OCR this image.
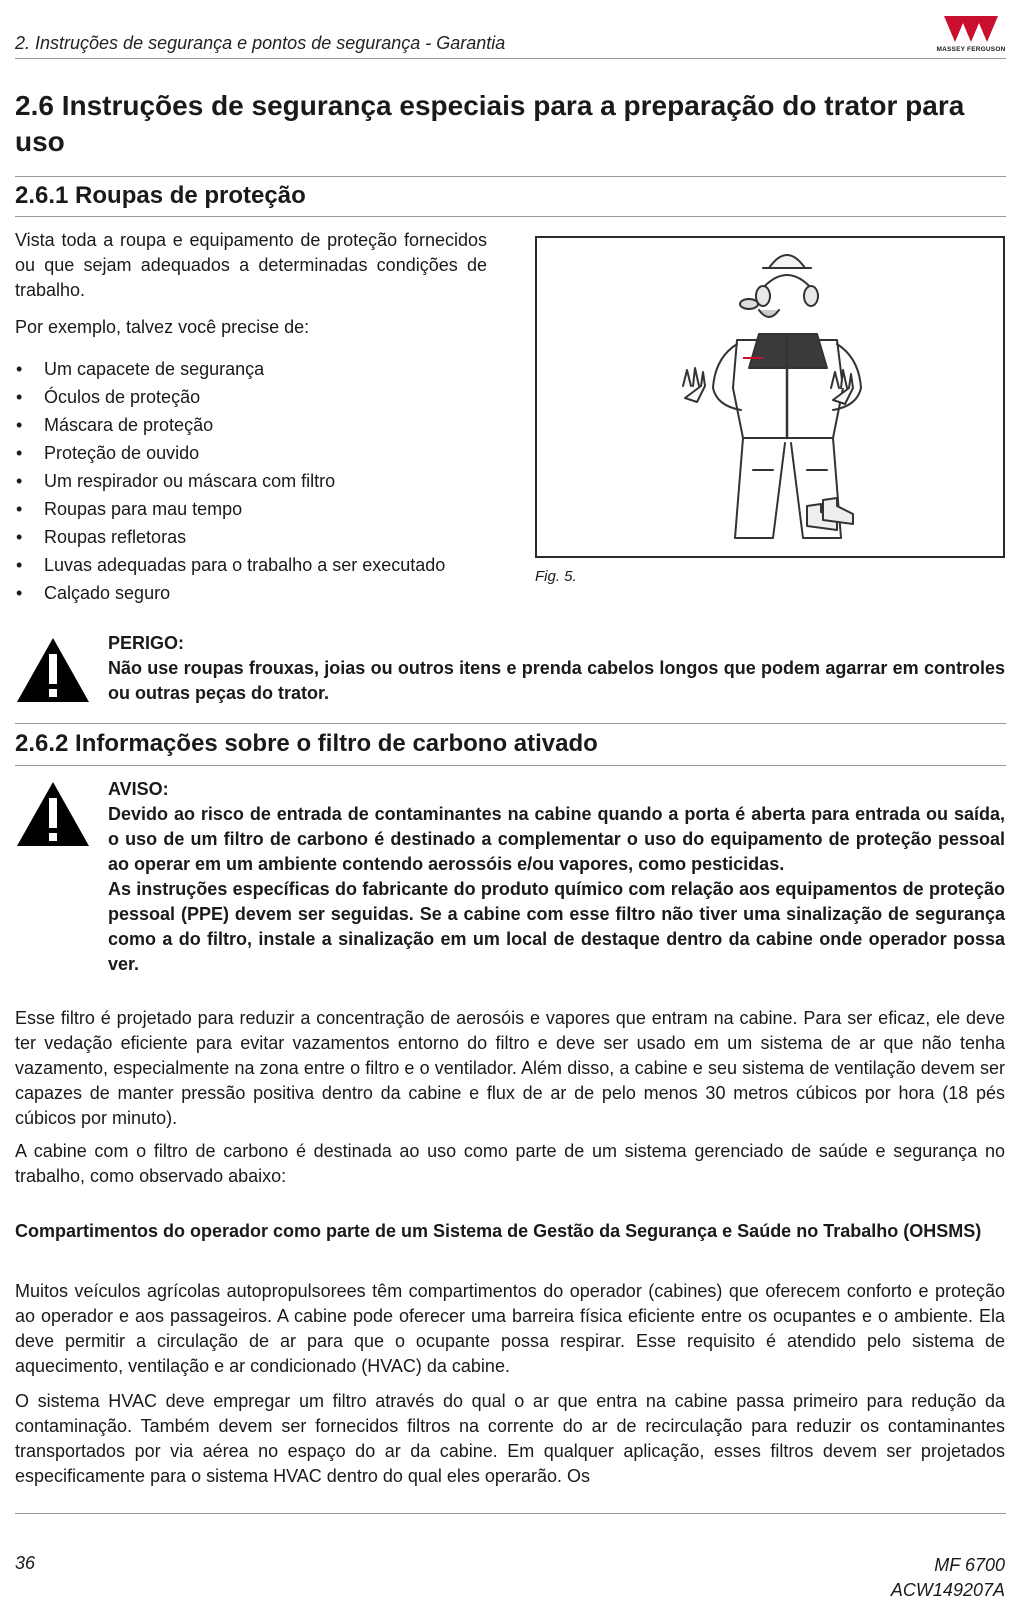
2. Instruções de segurança e pontos de segurança - Garantia	MASSEY FERGUSON
2.6 Instruções de segurança especiais para a preparação do trator para uso
2.6.1 Roupas de proteção

Vista toda a roupa e equipamento de proteção fornecidos ou que sejam adequados a determinadas condições de trabalho.

Por exemplo, talvez você precise de:

• Um capacete de segurança
• Óculos de proteção
• Máscara de proteção
• Proteção de ouvido
• Um respirador ou máscara com filtro
• Roupas para mau tempo
• Roupas refletoras
• Luvas adequadas para o trabalho a ser executado
• Calçado seguro
Fig. 5.
PERIGO:
Não use roupas frouxas, joias ou outros itens e prenda cabelos longos que podem agarrar em controles ou outras peças do trator.
2.6.2 Informações sobre o filtro de carbono ativado
AVISO:
Devido ao risco de entrada de contaminantes na cabine quando a porta é aberta para entrada ou saída, o uso de um filtro de carbono é destinado a complementar o uso do equipamento de proteção pessoal ao operar em um ambiente contendo aerossóis e/ou vapores, como pesticidas.
As instruções específicas do fabricante do produto químico com relação aos equipamentos de proteção pessoal (PPE) devem ser seguidas. Se a cabine com esse filtro não tiver uma sinalização de segurança como a do filtro, instale a sinalização em um local de destaque dentro da cabine onde operador possa ver.

Esse filtro é projetado para reduzir a concentração de aerosóis e vapores que entram na cabine. Para ser eficaz, ele deve ter vedação eficiente para evitar vazamentos entorno do filtro e deve ser usado em um sistema de ar que não tenha vazamento, especialmente na zona entre o filtro e o ventilador. Além disso, a cabine e seu sistema de ventilação devem ser capazes de manter pressão positiva dentro da cabine e flux de ar de pelo menos 30 metros cúbicos por hora (18 pés cúbicos por minuto).

A cabine com o filtro de carbono é destinada ao uso como parte de um sistema gerenciado de saúde e segurança no trabalho, como observado abaixo:

Compartimentos do operador como parte de um Sistema de Gestão da Segurança e Saúde no Trabalho (OHSMS)

Muitos veículos agrícolas autopropulsorees têm compartimentos do operador (cabines) que oferecem conforto e proteção ao operador e aos passageiros. A cabine pode oferecer uma barreira física eficiente entre os ocupantes e o ambiente. Ela deve permitir a circulação de ar para que o ocupante possa respirar. Esse requisito é atendido pelo sistema de aquecimento, ventilação e ar condicionado (HVAC) da cabine.

O sistema HVAC deve empregar um filtro através do qual o ar que entra na cabine passa primeiro para redução da contaminação. Também devem ser fornecidos filtros na corrente do ar de recirculação para reduzir os contaminantes transportados por via aérea no espaço do ar da cabine. Em qualquer aplicação, esses filtros devem ser projetados especificamente para o sistema HVAC dentro do qual eles operarão. Os

36	MF 6700
ACW149207A
